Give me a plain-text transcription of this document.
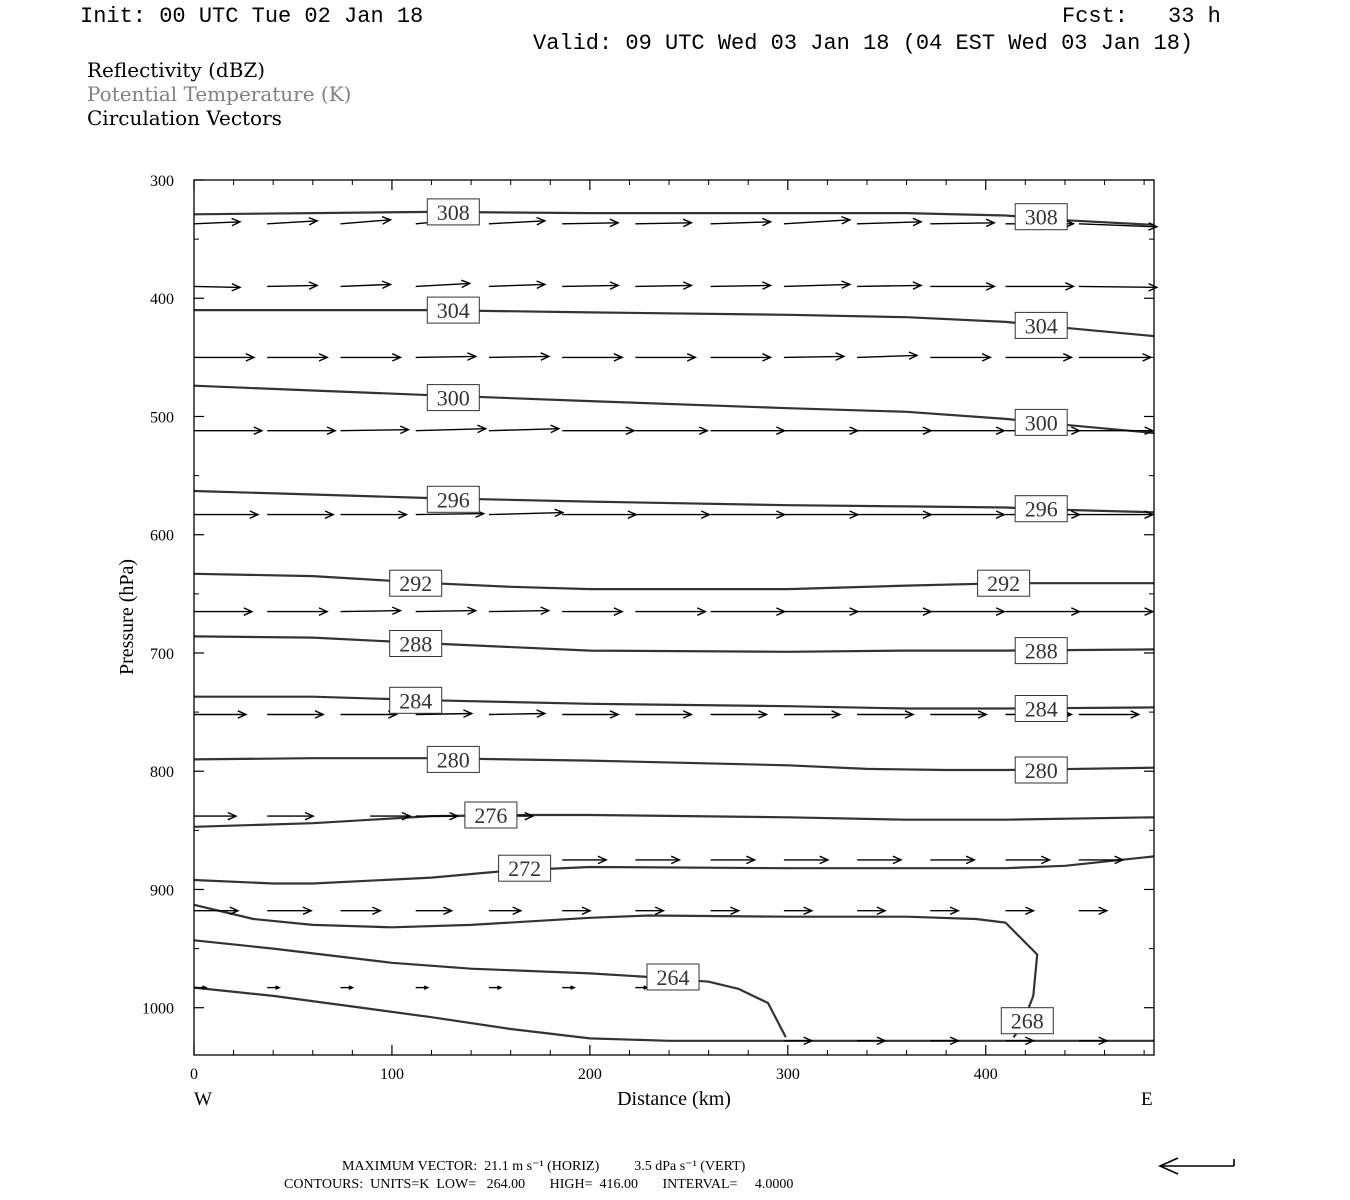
Init: 00 UTC Tue 02 Jan 18	Fcst: 33 h
Valid: 09 UTC Wed 03 Jan 18 (04 EST Wed 03 Jan 18)
Reflectivity (dBZ)
Potential Temperature (K)
Circulation Vectors
308	308
304
304
300
300
296	296
292	292
288	288
284	284
280	280
276
272
264
268
300
400
500
600
700
800
900
1000
0	100	200	300	400
Distance (km)
Pressure (hPa)
W	E
MAXIMUM VECTOR:  21.1 m s⁻¹ (HORIZ)          3.5 dPa s⁻¹ (VERT)
CONTOURS:  UNITS=K  LOW=   264.00       HIGH=  416.00       INTERVAL=     4.0000
